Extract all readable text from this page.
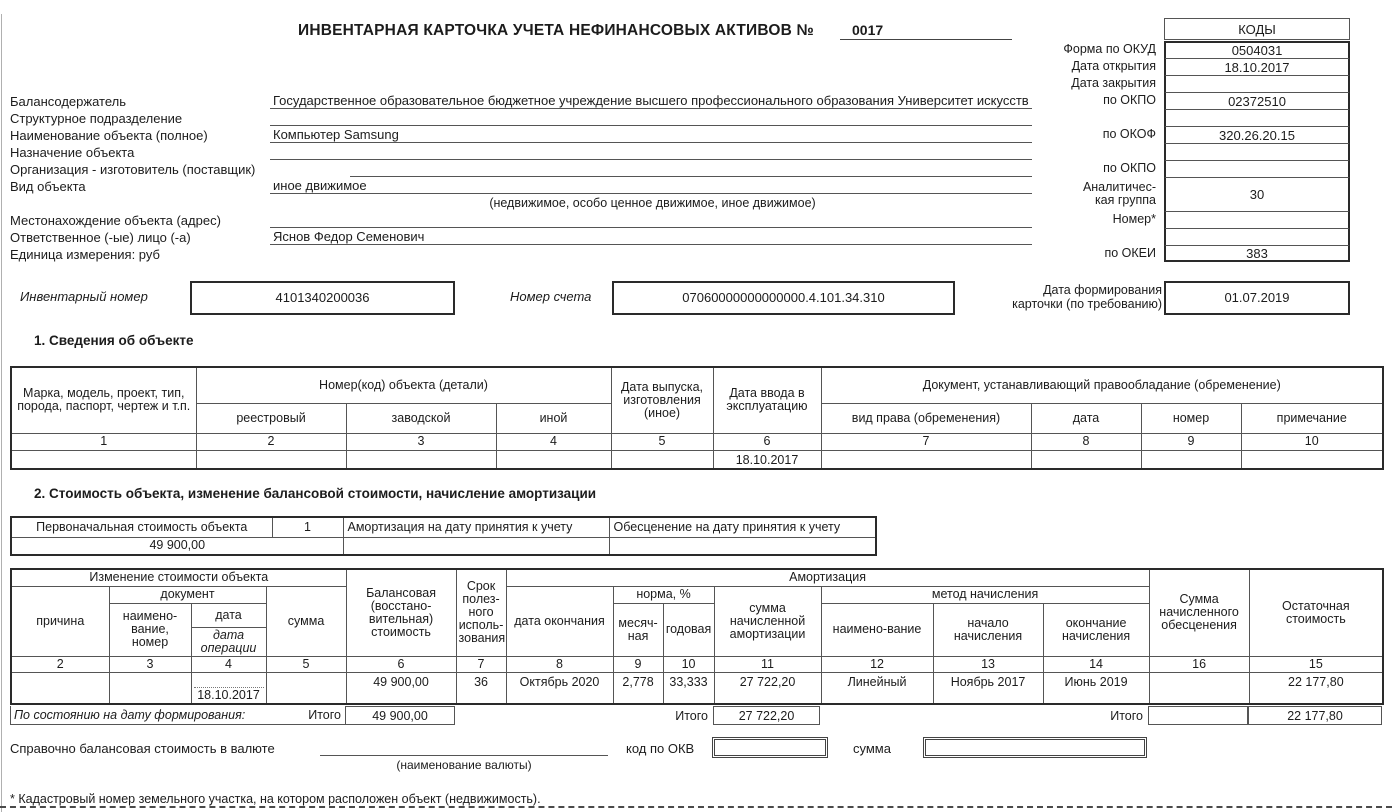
ИНВЕНТАРНАЯ КАРТОЧКА УЧЕТА НЕФИНАНСОВЫХ АКТИВОВ №	0017	КОДЫ
Форма по ОКУД	0504031
Дата открытия	18.10.2017
Дата закрытия
по ОКПО	02372510
по ОКОФ	320.26.20.15
по ОКПО
Аналитичес-кая группа	30
Номер*
по ОКЕИ	383
Балансодержатель	Государственное образовательное бюджетное учреждение высшего профессионального образования Университет искусств
Структурное подразделение
Наименование объекта (полное)	Компьютер Samsung
Назначение объекта
Организация - изготовитель (поставщик)
Вид объекта	иное движимое
(недвижимое, особо ценное движимое, иное движимое)
Местонахождение объекта (адрес)
Ответственное (-ые) лицо (-а)	Яснов Федор Семенович
Единица измерения: руб
Инвентарный номер	4101340200036	Номер счета	07060000000000000.4.101.34.310	Дата формирования карточки (по требованию)	01.07.2019
1. Сведения об объекте
Марка, модель, проект, тип, порода, паспорт, чертеж и т.п.	Номер(код) объекта (детали)			Дата выпуска, изготовления (иное)	Дата ввода в эксплуатацию	Документ, устанавливающий правообладание (обременение)			
	реестровый	заводской	иной			вид права (обременения)	дата	номер	примечание
1	2	3	4	5	6	7	8	9	10
					18.10.2017				
2. Стоимость объекта, изменение балансовой стоимости, начисление амортизации
Первоначальная стоимость объекта	1	Амортизация на дату принятия к учету	Обесценение на дату принятия к учету
49 900,00			
Изменение стоимости объекта				Балансовая (восстано-вительная) стоимость	Срок полез-ного исполь-зования	Амортизация							Сумма начисленного обесценения	Остаточная стоимость
причина	документ		сумма			дата окончания	норма, %		сумма начисленной амортизации	метод начисления				
	наимено-вание, номер	дата					месяч-ная	годовая		наимено-вание	начало начисления	окончание начисления		
		дата операции												
2	3	4	5	6	7	8	9	10	11	12	13	14	16	15

		18.10.2017		49 900,00	36	Октябрь 2020	2,778	33,333	27 722,20	Линейный	Ноябрь 2017	Июнь 2019		22 177,80
По состоянию на дату формирования:	Итого	49 900,00	Итого	27 722,20	Итого	22 177,80
Справочно балансовая стоимость в валюте
(наименование валюты)
код по ОКВ	сумма
* Кадастровый номер земельного участка, на котором расположен объект (недвижимость).
